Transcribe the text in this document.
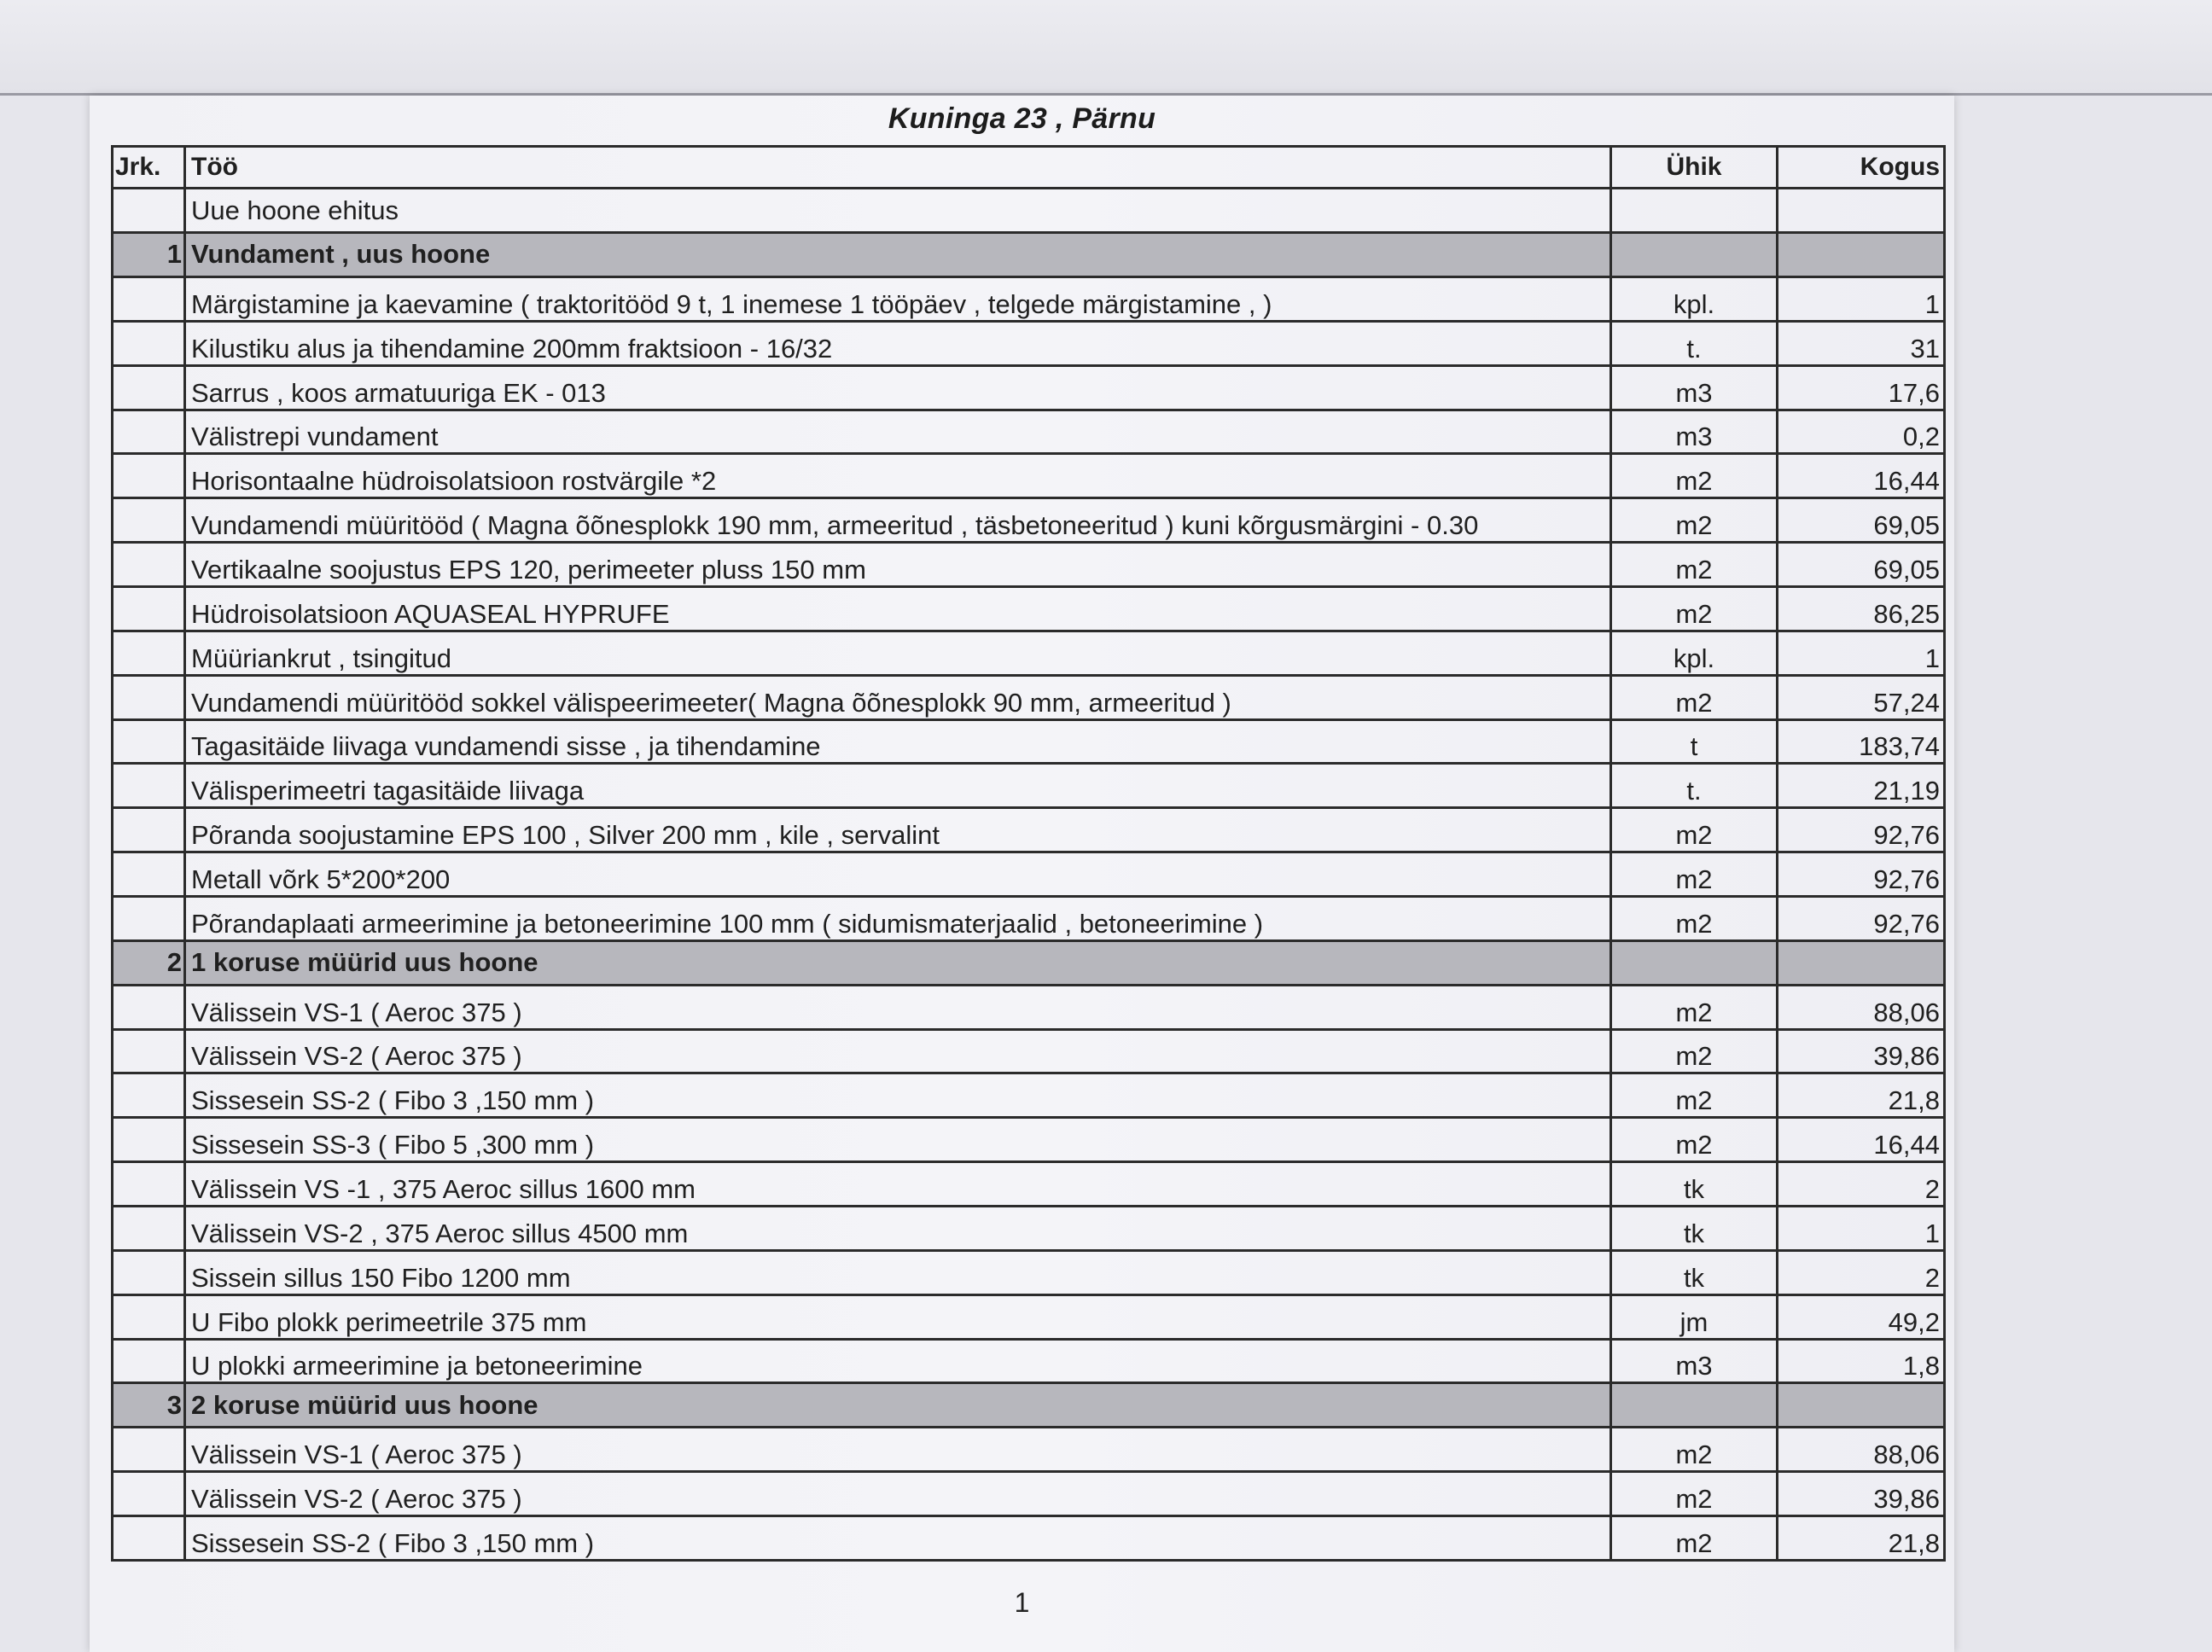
Kuninga 23 , Pärnu
Jrk.	Töö	Ühik	Kogus
	Uue hoone ehitus		
1	Vundament , uus hoone		
	Märgistamine ja kaevamine ( traktoritööd 9 t, 1 inemese 1 tööpäev , telgede märgistamine , )	kpl.	1
	Kilustiku alus ja tihendamine 200mm fraktsioon - 16/32	t.	31
	Sarrus , koos armatuuriga EK - 013	m3	17,6
	Välistrepi vundament	m3	0,2
	Horisontaalne hüdroisolatsioon rostvärgile *2	m2	16,44
	Vundamendi müüritööd ( Magna õõnesplokk 190 mm, armeeritud , täsbetoneeritud ) kuni kõrgusmärgini - 0.30	m2	69,05
	Vertikaalne soojustus EPS 120, perimeeter pluss 150 mm	m2	69,05
	Hüdroisolatsioon AQUASEAL HYPRUFE	m2	86,25
	Müüriankrut , tsingitud	kpl.	1
	Vundamendi müüritööd sokkel välispeerimeeter( Magna õõnesplokk 90 mm, armeeritud )	m2	57,24
	Tagasitäide liivaga vundamendi sisse , ja tihendamine	t	183,74
	Välisperimeetri tagasitäide liivaga	t.	21,19
	Põranda soojustamine EPS 100 , Silver 200 mm , kile , servalint	m2	92,76
	Metall võrk 5*200*200	m2	92,76
	Põrandaplaati armeerimine ja betoneerimine 100 mm ( sidumismaterjaalid , betoneerimine )	m2	92,76
2	1 koruse müürid uus hoone		
	Välissein VS-1 ( Aeroc 375 )	m2	88,06
	Välissein VS-2 ( Aeroc 375 )	m2	39,86
	Sissesein SS-2 ( Fibo 3 ,150 mm )	m2	21,8
	Sissesein SS-3 ( Fibo 5 ,300 mm )	m2	16,44
	Välissein VS -1 , 375 Aeroc sillus 1600 mm	tk	2
	Välissein VS-2 , 375 Aeroc sillus 4500 mm	tk	1
	Sissein sillus 150 Fibo 1200 mm	tk	2
	U Fibo plokk perimeetrile 375 mm	jm	49,2
	U plokki armeerimine ja betoneerimine	m3	1,8
3	2 koruse müürid uus hoone		
	Välissein VS-1 ( Aeroc 375 )	m2	88,06
	Välissein VS-2 ( Aeroc 375 )	m2	39,86
	Sissesein SS-2 ( Fibo 3 ,150 mm )	m2	21,8
1
